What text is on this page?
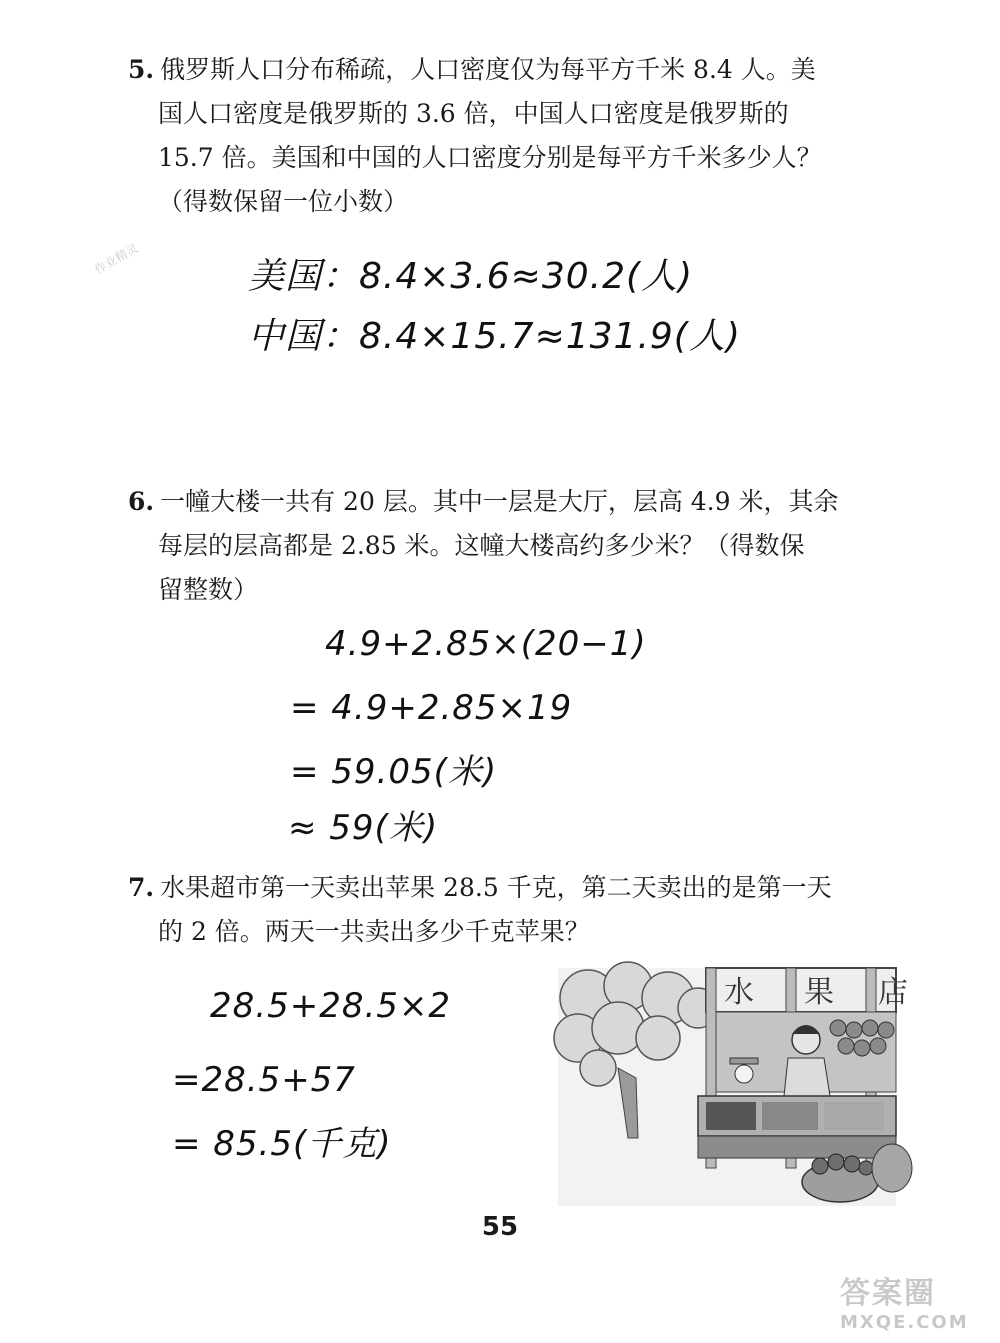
5. 俄罗斯人口分布稀疏，人口密度仅为每平方千米 8.4 人。美
国人口密度是俄罗斯的 3.6 倍，中国人口密度是俄罗斯的
15.7 倍。美国和中国的人口密度分别是每平方千米多少人？
（得数保留一位小数）
美国：8.4×3.6≈30.2(人)
中国：8.4×15.7≈131.9(人)
6. 一幢大楼一共有 20 层。其中一层是大厅，层高 4.9 米，其余
每层的层高都是 2.85 米。这幢大楼高约多少米？（得数保
留整数）
4.9+2.85×(20−1)
= 4.9+2.85×19
= 59.05(米)
≈ 59(米)
7. 水果超市第一天卖出苹果 28.5 千克，第二天卖出的是第一天
的 2 倍。两天一共卖出多少千克苹果？
28.5+28.5×2
=28.5+57
= 85.5(千克)
水 果 店
55
作业精灵
答案圈
MXQE.COM
